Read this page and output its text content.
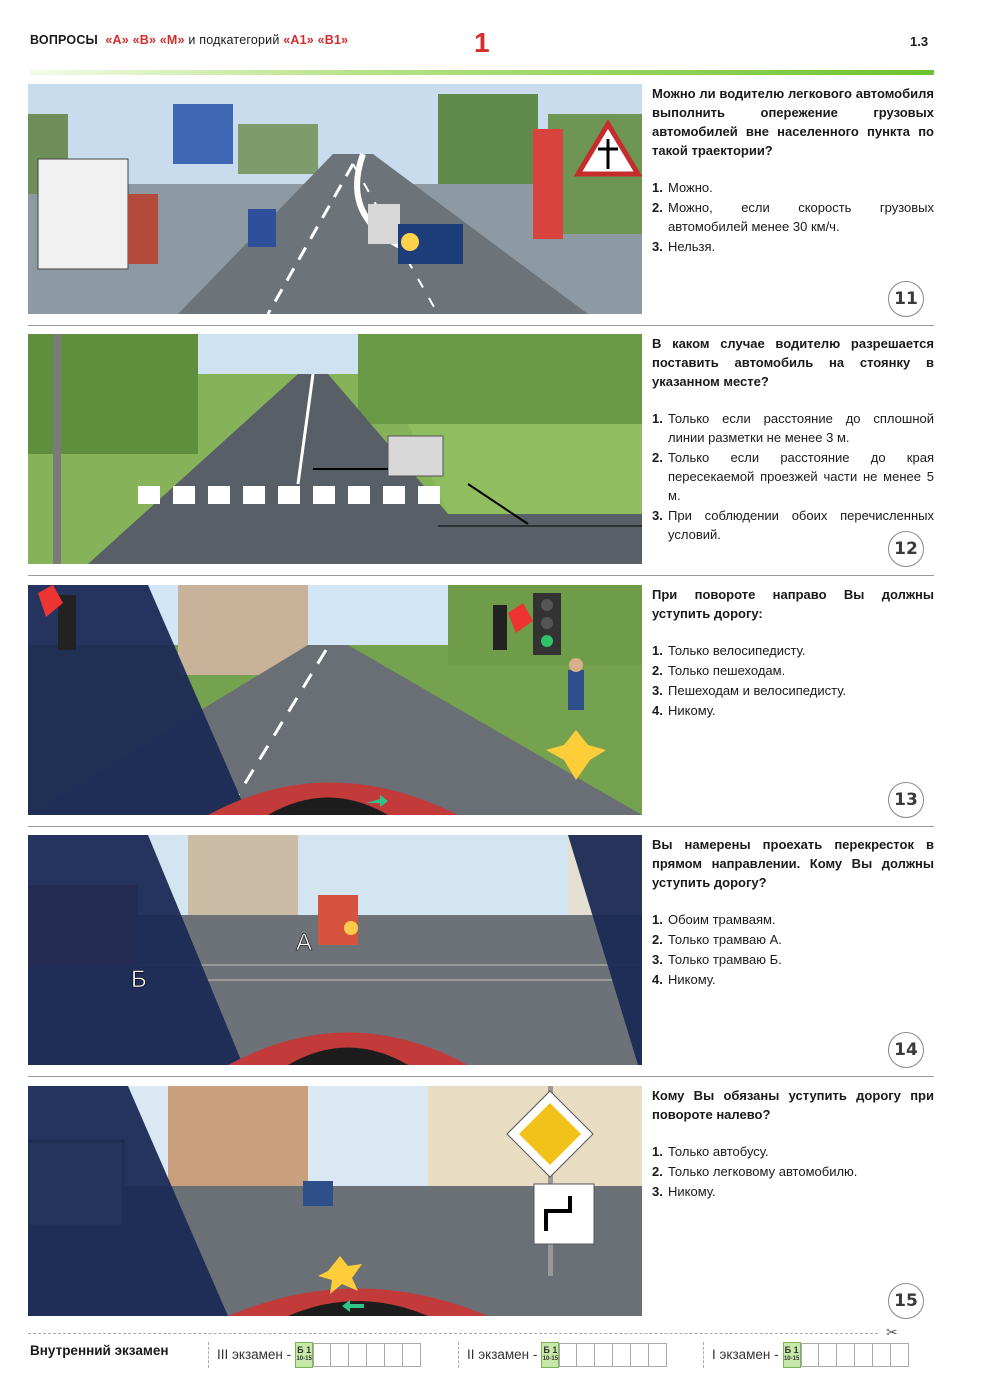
ВОПРОСЫ «А» «В» «М» и подкатегорий «А1» «В1»	1	1.3
Можно ли водителю легкового автомобиля выполнить опережение грузовых автомобилей вне населенного пункта по такой траектории?
1. Можно.
2. Можно, если скорость грузовых автомобилей менее 30 км/ч.
3. Нельзя.
11
В каком случае водителю разрешается поставить автомобиль на стоянку в указанном месте?
1. Только если расстояние до сплошной линии разметки не менее 3 м.
2. Только если расстояние до края пересекаемой проезжей части не менее 5 м.
3. При соблюдении обоих перечисленных условий.
12
При повороте направо Вы должны уступить дорогу:
1. Только велосипедисту.
2. Только пешеходам.
3. Пешеходам и велосипедисту.
4. Никому.
13
А
Б
Вы намерены проехать перекресток в прямом направлении. Кому Вы должны уступить дорогу?
1. Обоим трамваям.
2. Только трамваю А.
3. Только трамваю Б.
4. Никому.
14
Кому Вы обязаны уступить дорогу при повороте налево?
1. Только автобусу.
2. Только легковому автомобилю.
3. Никому.
15
✂
Внутренний экзамен	III экзамен - Б 1
10-15	II экзамен - Б 1
10-15	I экзамен - Б 1
10-15
